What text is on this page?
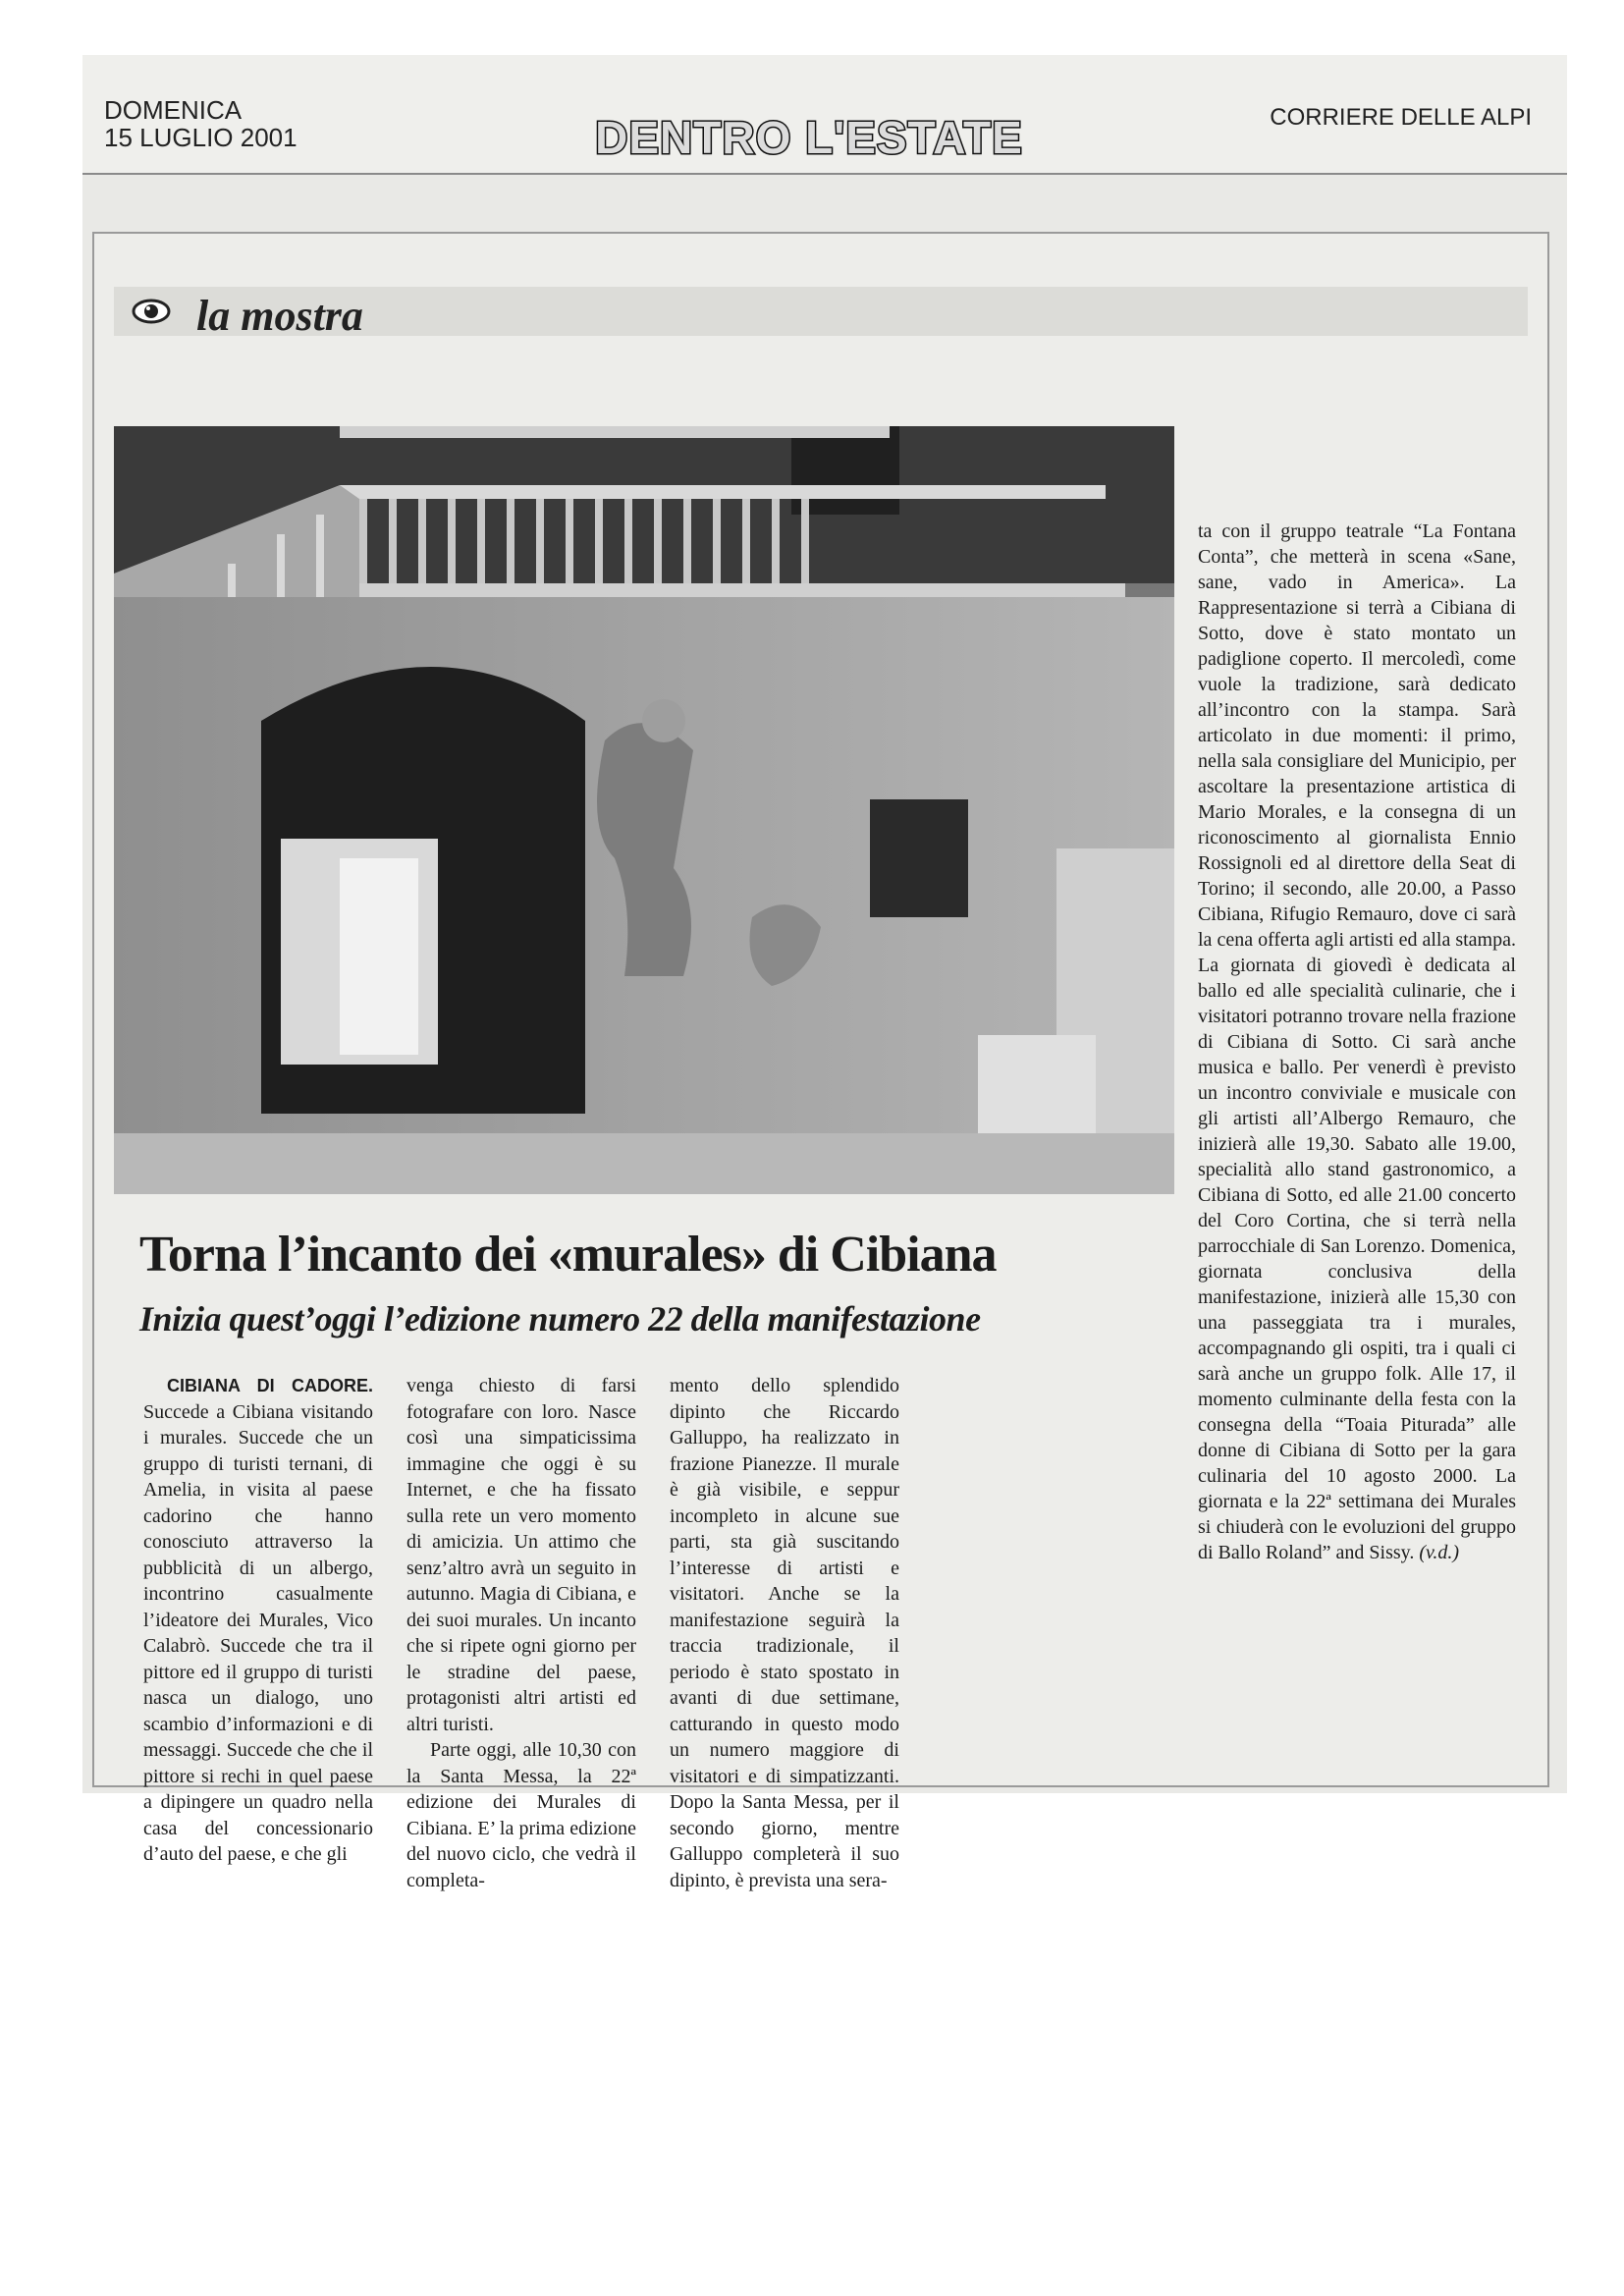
DOMENICA
15 LUGLIO 2001	DENTRO L'ESTATE	CORRIERE DELLE ALPI
la mostra

ta con il gruppo teatrale “La Fontana Conta”, che metterà in scena «Sane, sane, vado in America». La Rappresentazione si terrà a Cibiana di Sotto, dove è stato montato un padiglione coperto. Il mercoledì, come vuole la tradizione, sarà dedicato all’incontro con la stampa. Sarà articolato in due momenti: il primo, nella sala consigliare del Municipio, per ascoltare la presentazione artistica di Mario Morales, e la consegna di un riconoscimento al giornalista Ennio Rossignoli ed al direttore della Seat di Torino; il secondo, alle 20.00, a Passo Cibiana, Rifugio Remauro, dove ci sarà la cena offerta agli artisti ed alla stampa. La giornata di giovedì è dedicata al ballo ed alle specialità culinarie, che i visitatori potranno trovare nella frazione di Cibiana di Sotto. Ci sarà anche musica e ballo. Per venerdì è previsto un incontro conviviale e musicale con gli artisti all’Albergo Remauro, che inizierà alle 19,30. Sabato alle 19.00, specialità allo stand gastronomico, a Cibiana di Sotto, ed alle 21.00 concerto del Coro Cortina, che si terrà nella parrocchiale di San Lorenzo. Domenica, giornata conclusiva della manifestazione, inizierà alle 15,30 con una passeggiata tra i murales, accompagnando gli ospiti, tra i quali ci sarà anche un gruppo folk. Alle 17, il momento culminante della festa con la consegna della “Toaia Piturada” alle donne di Cibiana di Sotto per la gara culinaria del 10 agosto 2000. La giornata e la 22ª settimana dei Murales si chiuderà con le evoluzioni del gruppo di Ballo Roland” and Sissy. (v.d.)

Torna l’incanto dei «murales» di Cibiana
Inizia quest’oggi l’edizione numero 22 della manifestazione

CIBIANA DI CADORE. Succede a Cibiana visitando i murales. Succede che un gruppo di turisti ternani, di Amelia, in visita al paese cadorino che hanno conosciuto attraverso la pubblicità di un albergo, incontrino casualmente l’ideatore dei Murales, Vico Calabrò. Succede che tra il pittore ed il gruppo di turisti nasca un dialogo, uno scambio d’informazioni e di messaggi. Succede che che il pittore si rechi in quel paese a dipingere un quadro nella casa del concessionario d’auto del paese, e che gli

venga chiesto di farsi fotografare con loro. Nasce così una simpaticissima immagine che oggi è su Internet, e che ha fissato sulla rete un vero momento di amicizia. Un attimo che senz’altro avrà un seguito in autunno. Magia di Cibiana, e dei suoi murales. Un incanto che si ripete ogni giorno per le stradine del paese, protagonisti altri artisti ed altri turisti.

Parte oggi, alle 10,30 con la Santa Messa, la 22ª edizione dei Murales di Cibiana. E’ la prima edizione del nuovo ciclo, che vedrà il completa-

mento dello splendido dipinto che Riccardo Galluppo, ha realizzato in frazione Pianezze. Il murale è già visibile, e seppur incompleto in alcune sue parti, sta già suscitando l’interesse di artisti e visitatori. Anche se la manifestazione seguirà la traccia tradizionale, il periodo è stato spostato in avanti di due settimane, catturando in questo modo un numero maggiore di visitatori e di simpatizzanti. Dopo la Santa Messa, per il secondo giorno, mentre Galluppo completerà il suo dipinto, è prevista una sera-
